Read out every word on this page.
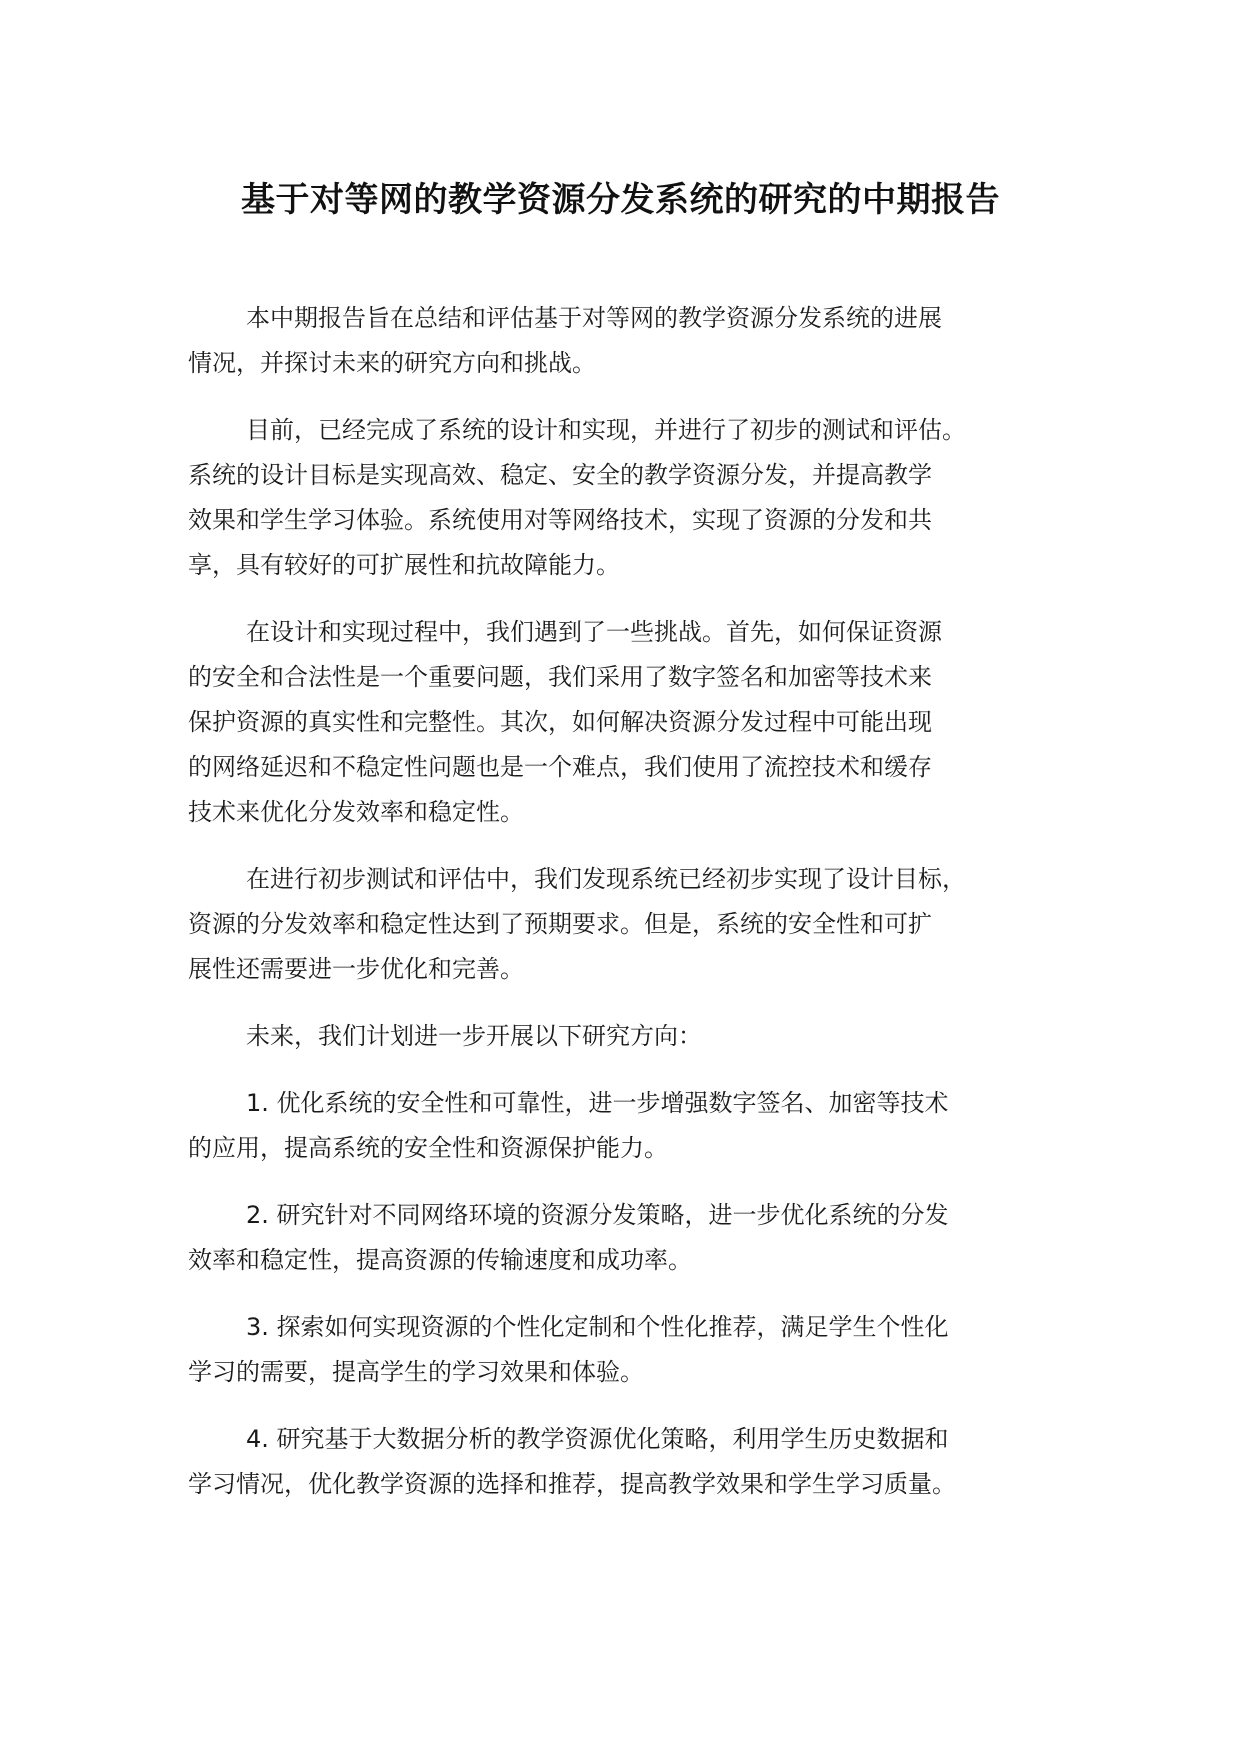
基于对等网的教学资源分发系统的研究的中期报告

本中期报告旨在总结和评估基于对等网的教学资源分发系统的进展
情况，并探讨未来的研究方向和挑战。

目前，已经完成了系统的设计和实现，并进行了初步的测试和评估。
系统的设计目标是实现高效、稳定、安全的教学资源分发，并提高教学
效果和学生学习体验。系统使用对等网络技术，实现了资源的分发和共
享，具有较好的可扩展性和抗故障能力。

在设计和实现过程中，我们遇到了一些挑战。首先，如何保证资源
的安全和合法性是一个重要问题，我们采用了数字签名和加密等技术来
保护资源的真实性和完整性。其次，如何解决资源分发过程中可能出现
的网络延迟和不稳定性问题也是一个难点，我们使用了流控技术和缓存
技术来优化分发效率和稳定性。

在进行初步测试和评估中，我们发现系统已经初步实现了设计目标，
资源的分发效率和稳定性达到了预期要求。但是，系统的安全性和可扩
展性还需要进一步优化和完善。

未来，我们计划进一步开展以下研究方向：

1. 优化系统的安全性和可靠性，进一步增强数字签名、加密等技术
的应用，提高系统的安全性和资源保护能力。

2. 研究针对不同网络环境的资源分发策略，进一步优化系统的分发
效率和稳定性，提高资源的传输速度和成功率。

3. 探索如何实现资源的个性化定制和个性化推荐，满足学生个性化
学习的需要，提高学生的学习效果和体验。

4. 研究基于大数据分析的教学资源优化策略，利用学生历史数据和
学习情况，优化教学资源的选择和推荐，提高教学效果和学生学习质量。
